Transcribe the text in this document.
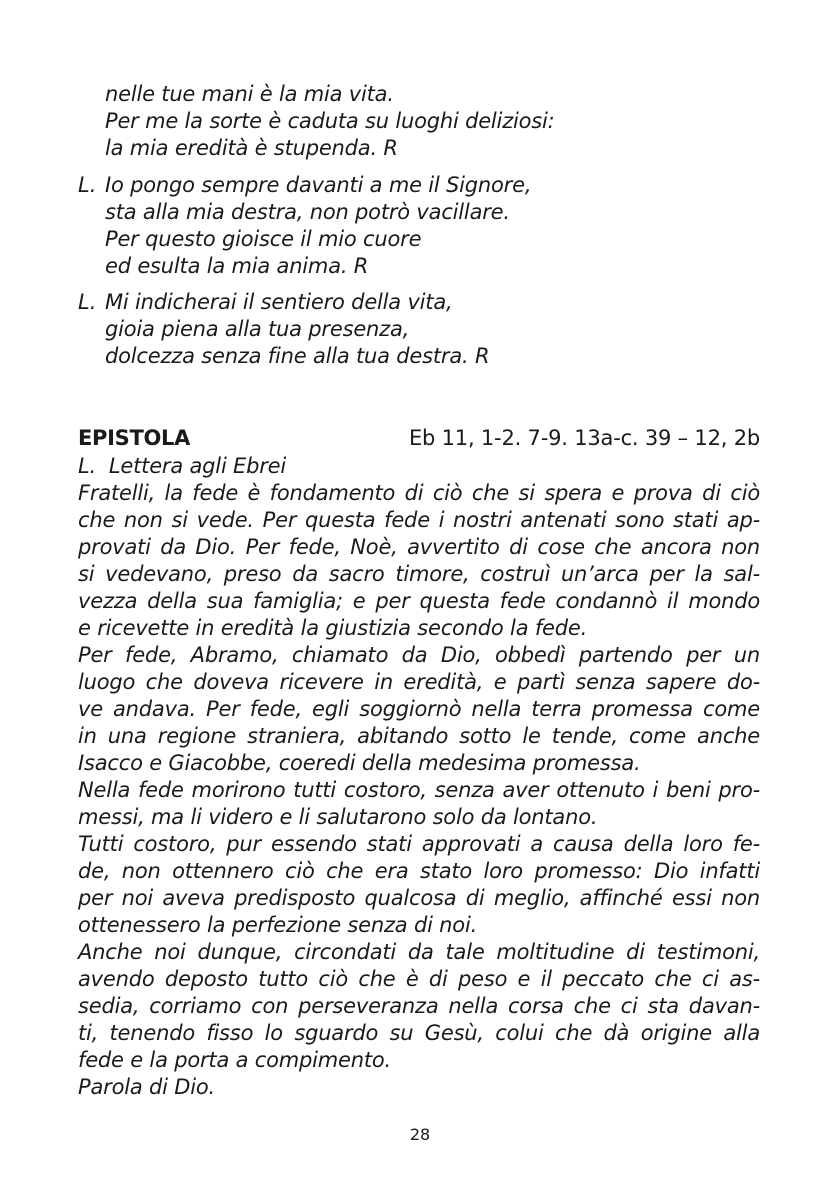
nelle tue mani è la mia vita.
Per me la sorte è caduta su luoghi deliziosi:
la mia eredità è stupenda. R
L. Io pongo sempre davanti a me il Signore,
sta alla mia destra, non potrò vacillare.
Per questo gioisce il mio cuore
ed esulta la mia anima. R
L. Mi indicherai il sentiero della vita,
gioia piena alla tua presenza,
dolcezza senza fine alla tua destra. R
EPISTOLA	Eb 11, 1-2. 7-9. 13a-c. 39 – 12, 2b
L.  Lettera agli Ebrei
Fratelli, la fede è fondamento di ciò che si spera e prova di ciò
che non si vede. Per questa fede i nostri antenati sono stati ap-
provati da Dio. Per fede, Noè, avvertito di cose che ancora non
si vedevano, preso da sacro timore, costruì un’arca per la sal-
vezza della sua famiglia; e per questa fede condannò il mondo
e ricevette in eredità la giustizia secondo la fede.
Per fede, Abramo, chiamato da Dio, obbedì partendo per un
luogo che doveva ricevere in eredità, e partì senza sapere do-
ve andava. Per fede, egli soggiornò nella terra promessa come
in una regione straniera, abitando sotto le tende, come anche
Isacco e Giacobbe, coeredi della medesima promessa.
Nella fede morirono tutti costoro, senza aver ottenuto i beni pro-
messi, ma li videro e li salutarono solo da lontano.
Tutti costoro, pur essendo stati approvati a causa della loro fe-
de, non ottennero ciò che era stato loro promesso: Dio infatti
per noi aveva predisposto qualcosa di meglio, affinché essi non
ottenessero la perfezione senza di noi.
Anche noi dunque, circondati da tale moltitudine di testimoni,
avendo deposto tutto ciò che è di peso e il peccato che ci as-
sedia, corriamo con perseveranza nella corsa che ci sta davan-
ti, tenendo fisso lo sguardo su Gesù, colui che dà origine alla
fede e la porta a compimento.
Parola di Dio.
28
